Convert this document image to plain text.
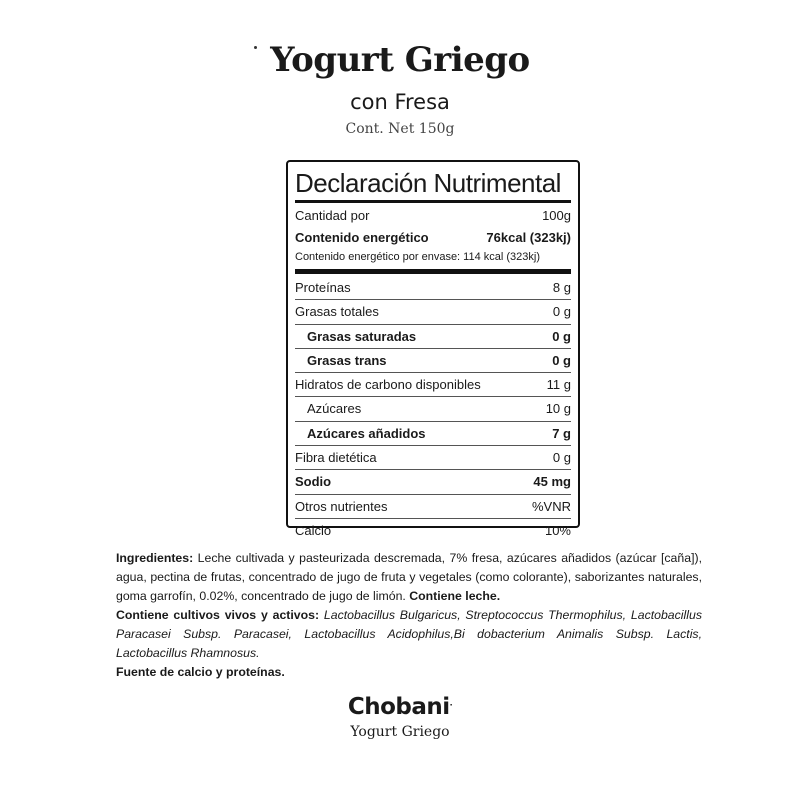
Yogurt Griego
con Fresa
Cont. Net 150g
Declaración Nutrimental
Cantidad por	100g
Contenido energético	76kcal (323kj)
Contenido energético por envase: 114 kcal (323kj)
Proteínas	8 g
Grasas totales	0 g
Grasas saturadas	0 g
Grasas trans	0 g
Hidratos de carbono disponibles	11 g
Azúcares	10 g
Azúcares añadidos	7 g
Fibra dietética	0 g
Sodio	45 mg
Otros nutrientes	%VNR
Calcio	10%
Ingredientes: Leche cultivada y pasteurizada descremada, 7% fresa, azúcares añadidos (azúcar [caña]), agua, pectina de frutas, concentrado de jugo de fruta y vegetales (como colorante), saborizantes naturales, goma garrofín, 0.02%, concentrado de jugo de limón. Contiene leche.
Contiene cultivos vivos y activos: Lactobacillus Bulgaricus, Streptococcus Thermophilus, Lactobacillus Paracasei Subsp. Paracasei, Lactobacillus Acidophilus,Bi dobacterium Animalis Subsp. Lactis, Lactobacillus Rhamnosus.
Fuente de calcio y proteínas.
Chobani.
Yogurt Griego
